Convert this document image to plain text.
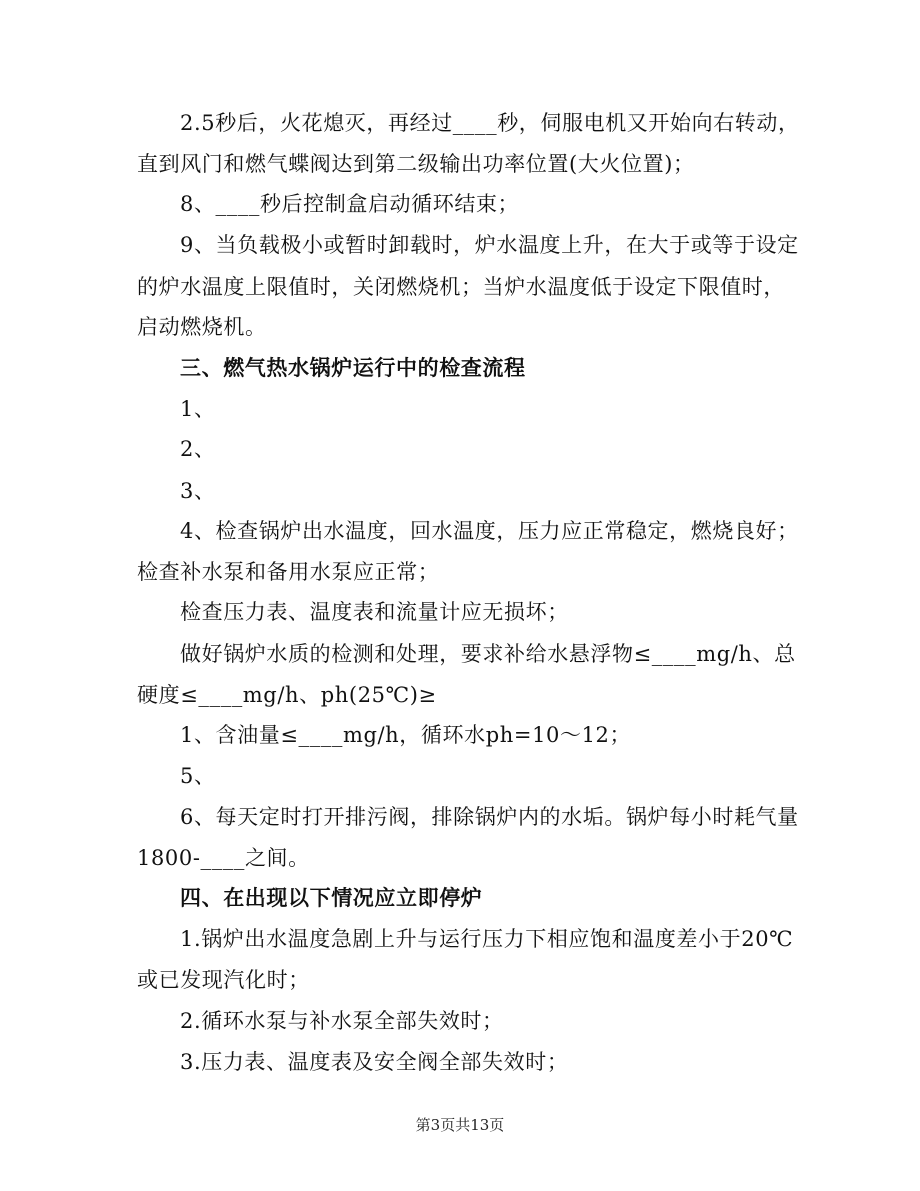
2.5秒后，火花熄灭，再经过____秒，伺服电机又开始向右转动，
直到风门和燃气蝶阀达到第二级输出功率位置(大火位置)；
8、____秒后控制盒启动循环结束；
9、当负载极小或暂时卸载时，炉水温度上升，在大于或等于设定
的炉水温度上限值时，关闭燃烧机；当炉水温度低于设定下限值时，
启动燃烧机。
三、燃气热水锅炉运行中的检查流程
1、
2、
3、
4、检查锅炉出水温度，回水温度，压力应正常稳定，燃烧良好；
检查补水泵和备用水泵应正常；
检查压力表、温度表和流量计应无损坏；
做好锅炉水质的检测和处理，要求补给水悬浮物≤____mg/h、总
硬度≤____mg/h、ph(25℃)≥
1、含油量≤____mg/h，循环水ph=10～12；
5、
6、每天定时打开排污阀，排除锅炉内的水垢。锅炉每小时耗气量
1800-____之间。
四、在出现以下情况应立即停炉
1.锅炉出水温度急剧上升与运行压力下相应饱和温度差小于20℃
或已发现汽化时；
2.循环水泵与补水泵全部失效时；
3.压力表、温度表及安全阀全部失效时；
第3页共13页
